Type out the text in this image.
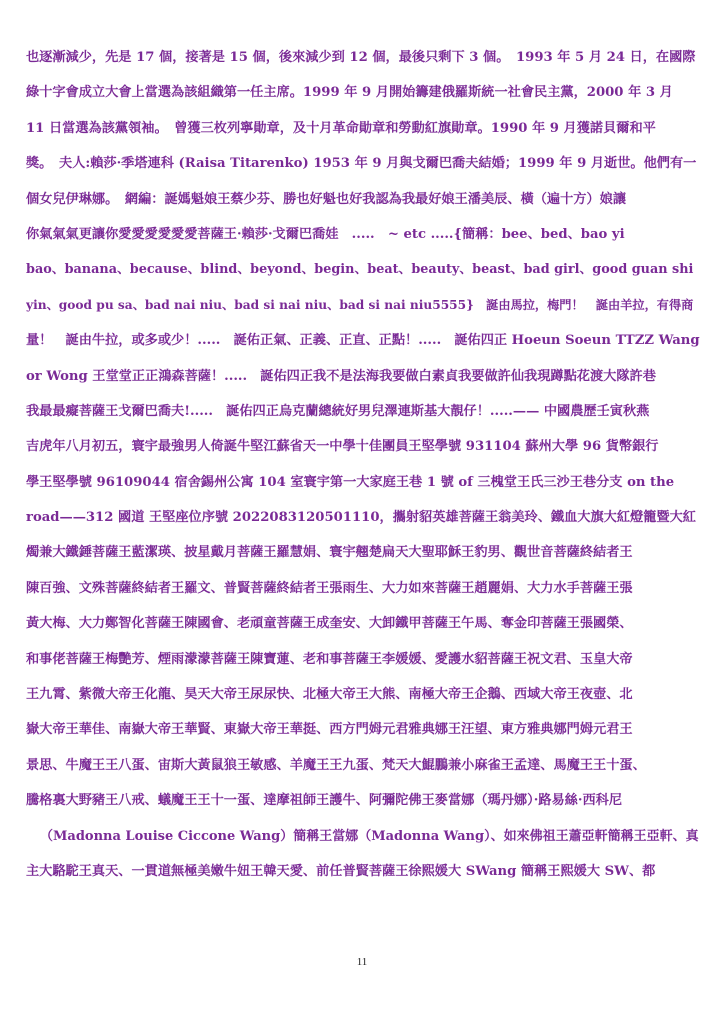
也逐漸減少，先是 17 個，接著是 15 個，後來減少到 12 個，最後只剩下 3 個。　1993 年 5 月 24 日，在國際
綠十字會成立大會上當選為該組織第一任主席。1999 年 9 月開始籌建俄羅斯統一社會民主黨，2000 年 3 月
11 日當選為該黨領袖。　曾獲三枚列寧勛章，及十月革命勛章和勞動紅旗勛章。1990 年 9 月獲諾貝爾和平
獎。　夫人:賴莎·季塔連科 (Raisa Titarenko) 1953 年 9 月與戈爾巴喬夫結婚；1999 年 9 月逝世。他們有一
個女兒伊琳娜。　網編：誕媽魁娘王蔡少芬、勝也好魁也好我認為我最好娘王潘美辰、橫（遍十方）娘讓
你氣氣氣更讓你愛愛愛愛愛愛菩薩王·賴莎·戈爾巴喬娃　.....　~ etc .....{簡稱：bee、bed、bao yi
bao、banana、because、blind、beyond、begin、beat、beauty、beast、bad girl、good guan shi
yin、good pu sa、bad nai niu、bad si nai niu、bad si nai niu5555}　誕由馬拉，梅門！　誕由羊拉，有得商
量！　誕由牛拉，或多或少！.....　誕佑正氣、正義、正直、正點！.....　誕佑四正 Hoeun Soeun TTZZ Wang
or Wong 王堂堂正正鴻森菩薩！.....　誕佑四正我不是法海我要做白素貞我要做許仙我現蹲點花渡大隊許巷
我最最癡菩薩王戈爾巴喬夫!.....　誕佑四正烏克蘭總統好男兒澤連斯基大靚仔！.....—— 中國農歷壬寅秋燕
吉虎年八月初五，寰宇最強男人倚誕牛堅江蘇省天一中學十佳團員王堅學號 931104 蘇州大學 96 貨幣銀行
學王堅學號 96109044 宿舍錫州公寓 104 室寰宇第一大家庭王巷 1 號 of 三槐堂王氏三沙王巷分支 on the
road——312 國道 王堅座位序號 2022083120501110，攜射貂英雄菩薩王翁美玲、鐵血大旗大紅燈籠暨大紅
燭兼大鐵錘菩薩王藍潔瑛、披星戴月菩薩王羅慧娟、寰宇翹楚扁天大聖耶穌王豹男、觀世音菩薩終結者王
陳百強、文殊菩薩終結者王羅文、普賢菩薩終結者王張雨生、大力如來菩薩王趙麗娟、大力水手菩薩王張
黃大梅、大力鄭智化菩薩王陳國會、老頑童菩薩王成奎安、大卸鐵甲菩薩王午馬、奪金印菩薩王張國榮、
和事佬菩薩王梅艷芳、煙雨濛濛菩薩王陳寶蓮、老和事菩薩王李媛媛、愛護水貂菩薩王祝文君、玉皇大帝
王九霄、紫微大帝王化龍、昊天大帝王尿尿快、北極大帝王大熊、南極大帝王企鵝、西域大帝王夜壺、北
嶽大帝王華佳、南嶽大帝王華賢、東嶽大帝王華挺、西方門姆元君雅典娜王汪望、東方雅典娜門姆元君王
景思、牛魔王王八蛋、宙斯大黃鼠狼王敏感、羊魔王王九蛋、梵天大鯤鵬兼小麻雀王孟達、馬魔王王十蛋、
騰格裏大野豬王八戒、蟻魔王王十一蛋、達摩祖師王護牛、阿彌陀佛王麥當娜（瑪丹娜）·路易絲·西科尼
（Madonna Louise Ciccone Wang）簡稱王當娜（Madonna Wang）、如來佛祖王蕭亞軒簡稱王亞軒、真
主大駱駝王真天、一貫道無極美嫩牛妞王韓天愛、前任普賢菩薩王徐熙媛大 SWang 簡稱王熙媛大 SW、都
11
